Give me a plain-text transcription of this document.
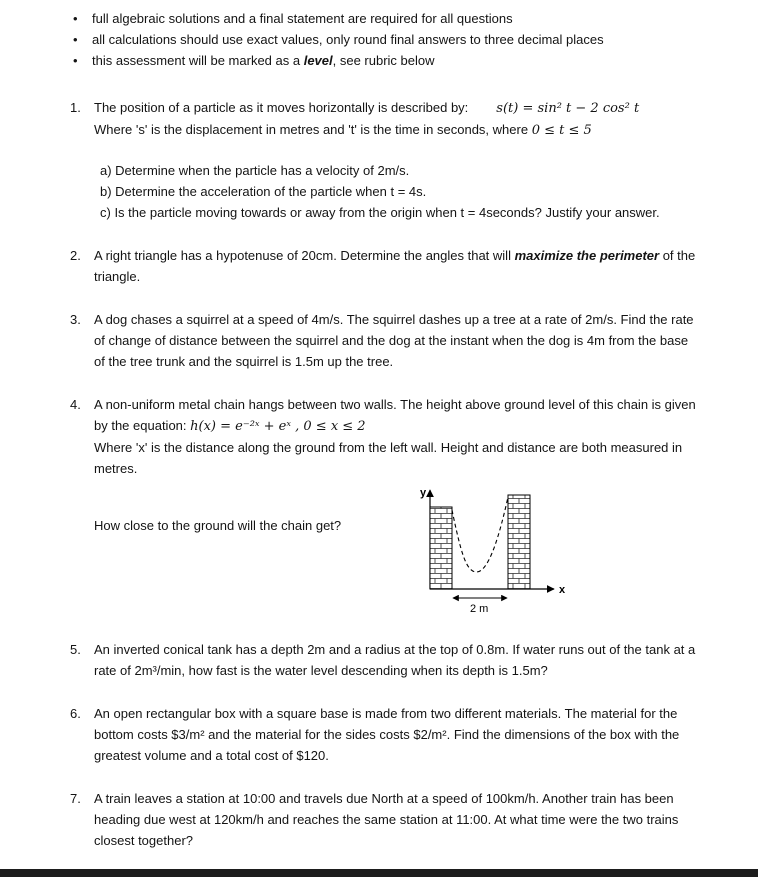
• full algebraic solutions and a final statement are required for all questions
• all calculations should use exact values, only round final answers to three decimal places
• this assessment will be marked as a level, see rubric below
1.	The position of a particle as it moves horizontally is described by: s(t) = sin² t − 2 cos² t

Where 's' is the displacement in metres and 't' is the time in seconds, where 0 ≤ t ≤ 5

a) Determine when the particle has a velocity of 2m/s.

b) Determine the acceleration of the particle when t = 4s.

c) Is the particle moving towards or away from the origin when t = 4seconds? Justify your answer.

2.	A right triangle has a hypotenuse of 20cm. Determine the angles that will maximize the perimeter of the triangle.

3.	A dog chases a squirrel at a speed of 4m/s. The squirrel dashes up a tree at a rate of 2m/s. Find the rate of change of distance between the squirrel and the dog at the instant when the dog is 4m from the base of the tree trunk and the squirrel is 1.5m up the tree.

4.	A non-uniform metal chain hangs between two walls. The height above ground level of this chain is given by the equation: h(x) = e⁻²ˣ + eˣ , 0 ≤ x ≤ 2

Where 'x' is the distance along the ground from the left wall. Height and distance are both measured in metres.

How close to the ground will the chain get?

y
x
2 m
5.	An inverted conical tank has a depth 2m and a radius at the top of 0.8m. If water runs out of the tank at a rate of 2m³/min, how fast is the water level descending when its depth is 1.5m?

6.	An open rectangular box with a square base is made from two different materials. The material for the bottom costs $3/m² and the material for the sides costs $2/m². Find the dimensions of the box with the greatest volume and a total cost of $120.

7.	A train leaves a station at 10:00 and travels due North at a speed of 100km/h. Another train has been heading due west at 120km/h and reaches the same station at 11:00. At what time were the two trains closest together?
